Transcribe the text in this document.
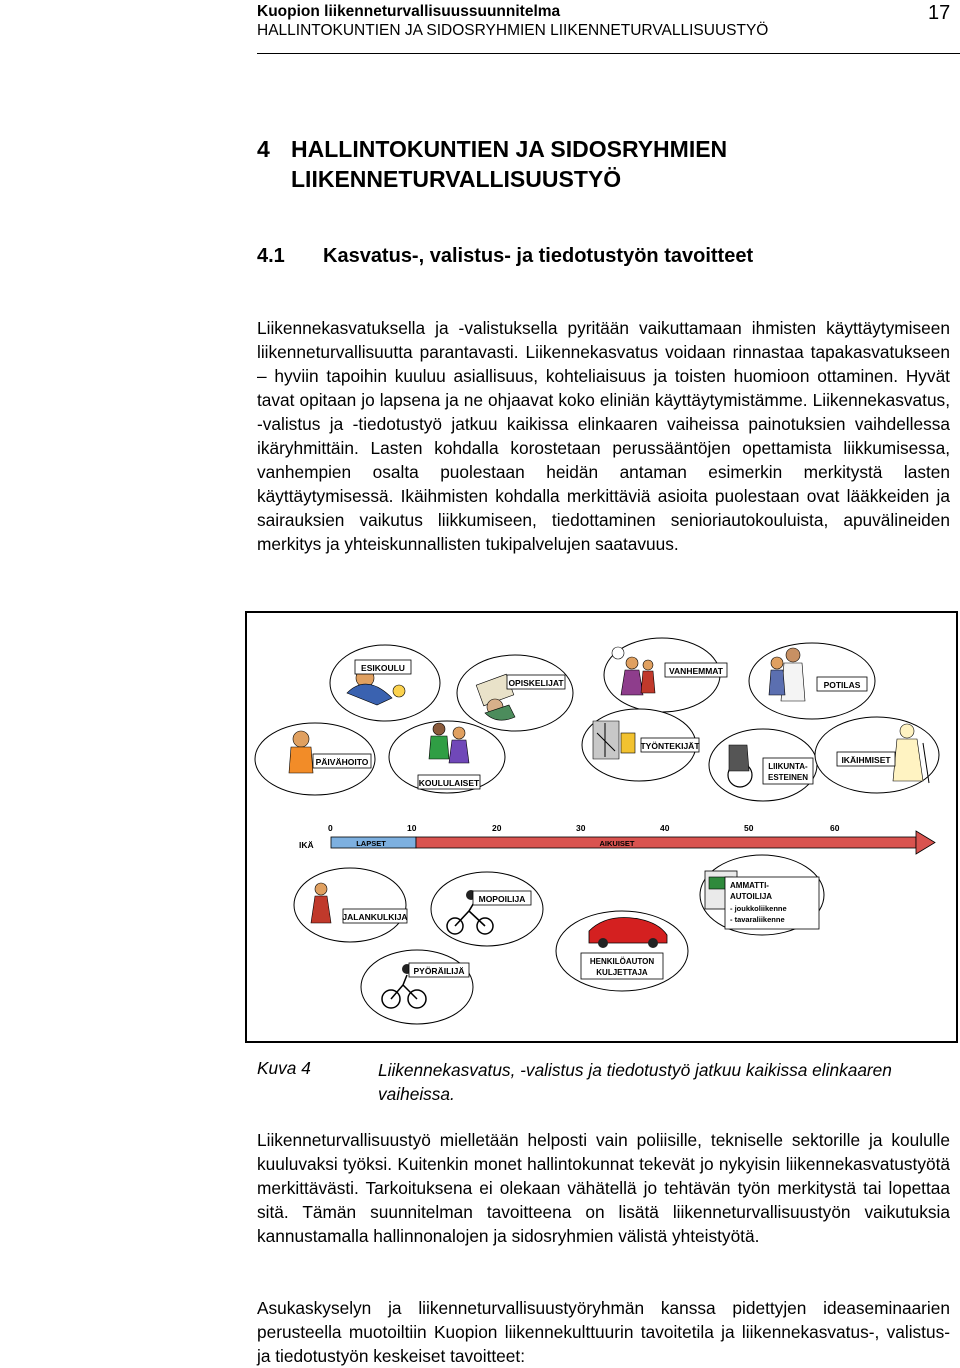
Kuopion liikenneturvallisuussuunnitelma
HALLINTOKUNTIEN JA SIDOSRYHMIEN LIIKENNETURVALLISUUSTYÖ
17
4 HALLINTOKUNTIEN JA SIDOSRYHMIEN
LIIKENNETURVALLISUUSTYÖ
4.1 Kasvatus-, valistus- ja tiedotustyön tavoitteet
Liikennekasvatuksella ja -valistuksella pyritään vaikuttamaan ihmisten käyttäytymiseen liikenneturvallisuutta parantavasti. Liikennekasvatus voidaan rinnastaa tapakasvatukseen – hyviin tapoihin kuuluu asiallisuus, kohteliaisuus ja toisten huomioon ottaminen. Hyvät tavat opitaan jo lapsena ja ne ohjaavat koko eliniän käyttäytymistämme. Liikennekasvatus, -valistus ja -tiedotustyö jatkuu kaikissa elinkaaren vaiheissa painotuksien vaihdellessa ikäryhmittäin. Lasten kohdalla korostetaan perussääntöjen opettamista liikkumisessa, vanhempien osalta puolestaan heidän antaman esimerkin merkitystä lasten käyttäytymisessä. Ikäihmisten kohdalla merkittäviä asioita puolestaan ovat lääkkeiden ja sairauksien vaikutus liikkumiseen, tiedottaminen senioriautokouluista, apuvälineiden merkitys ja yhteiskunnallisten tukipalvelujen saatavuus.
ESIKOULU
OPISKELIJAT
VANHEMMAT
POTILAS
PÄIVÄHOITO
KOULULAISET
TYÖNTEKIJÄT
LIIKUNTA-
ESTEINEN
IKÄIHMISET
IKÄ	LAPSET	AIKUISET
0	10	20	30	40	50	60
JALANKULKIJA
MOPOILIJA
PYÖRÄILIJÄ
HENKILÖAUTON
KULJETTAJA
AMMATTI-
AUTOILIJA
- joukkoliikenne
- tavaraliikenne
Kuva 4	Liikennekasvatus, -valistus ja tiedotustyö jatkuu kaikissa elinkaaren vaiheissa.
Liikenneturvallisuustyö mielletään helposti vain poliisille, tekniselle sektorille ja koululle kuuluvaksi työksi. Kuitenkin monet hallintokunnat tekevät jo nykyisin liikennekasvatustyötä merkittävästi. Tarkoituksena ei olekaan vähätellä jo tehtävän työn merkitystä tai lopettaa sitä. Tämän suunnitelman tavoitteena on lisätä liikenneturvallisuustyön vaikutuksia kannustamalla hallinnonalojen ja sidosryhmien välistä yhteistyötä.
Asukaskyselyn ja liikenneturvallisuustyöryhmän kanssa pidettyjen ideaseminaarien perusteella muotoiltiin Kuopion liikennekulttuurin tavoitetila ja liikennekasvatus-, valistus- ja tiedotustyön keskeiset tavoitteet:
